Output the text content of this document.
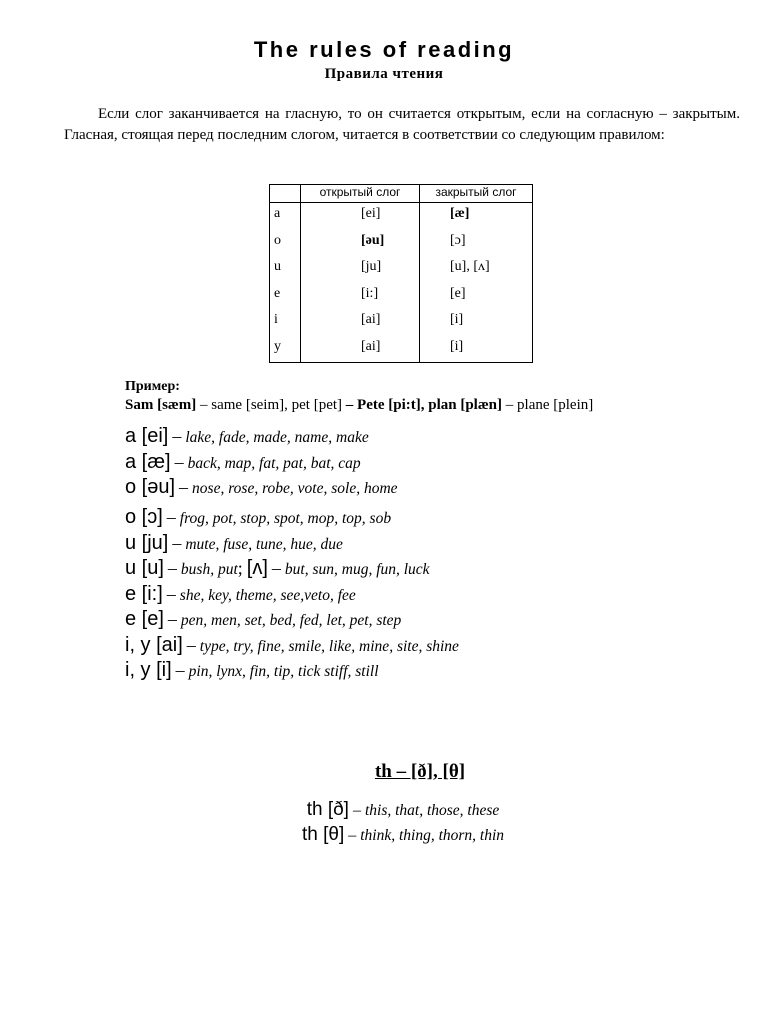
The rules of reading
Правила чтения

Если слог заканчивается на гласную, то он считается открытым, если на согласную – закрытым. Гласная, стоящая перед последним слогом, читается в соответствии со следующим правилом:

	открытый слог	закрытый слог
a	[ei]	[æ]
o	[əu]	[ɔ]
u	[ju]	[u], [ʌ]
e	[i:]	[e]
i	[ai]	[i]
y	[ai]	[i]
Пример:
Sam [sæm] – same [seim], pet [pet] – Pete [pi:t], plan [plæn] – plane [plein]
a [ei] – lake, fade, made, name, make
a [æ] – back, map, fat, pat, bat, cap
o [əu] – nose, rose, robe, vote, sole, home
o [ɔ] – frog, pot, stop, spot, mop, top, sob
u [ju] – mute, fuse, tune, hue, due
u [u] – bush, put; [ʌ] – but, sun, mug, fun, luck
e [i:] – she, key, theme, see,veto, fee
e [e] – pen, men, set, bed, fed, let, pet, step
i, y [ai] – type, try, fine, smile, like, mine, site, shine
i, y [i] – pin, lynx, fin, tip, tick stiff, still
th – [ð], [θ]
th [ð] – this, that, those, these
th [θ] – think, thing, thorn, thin
